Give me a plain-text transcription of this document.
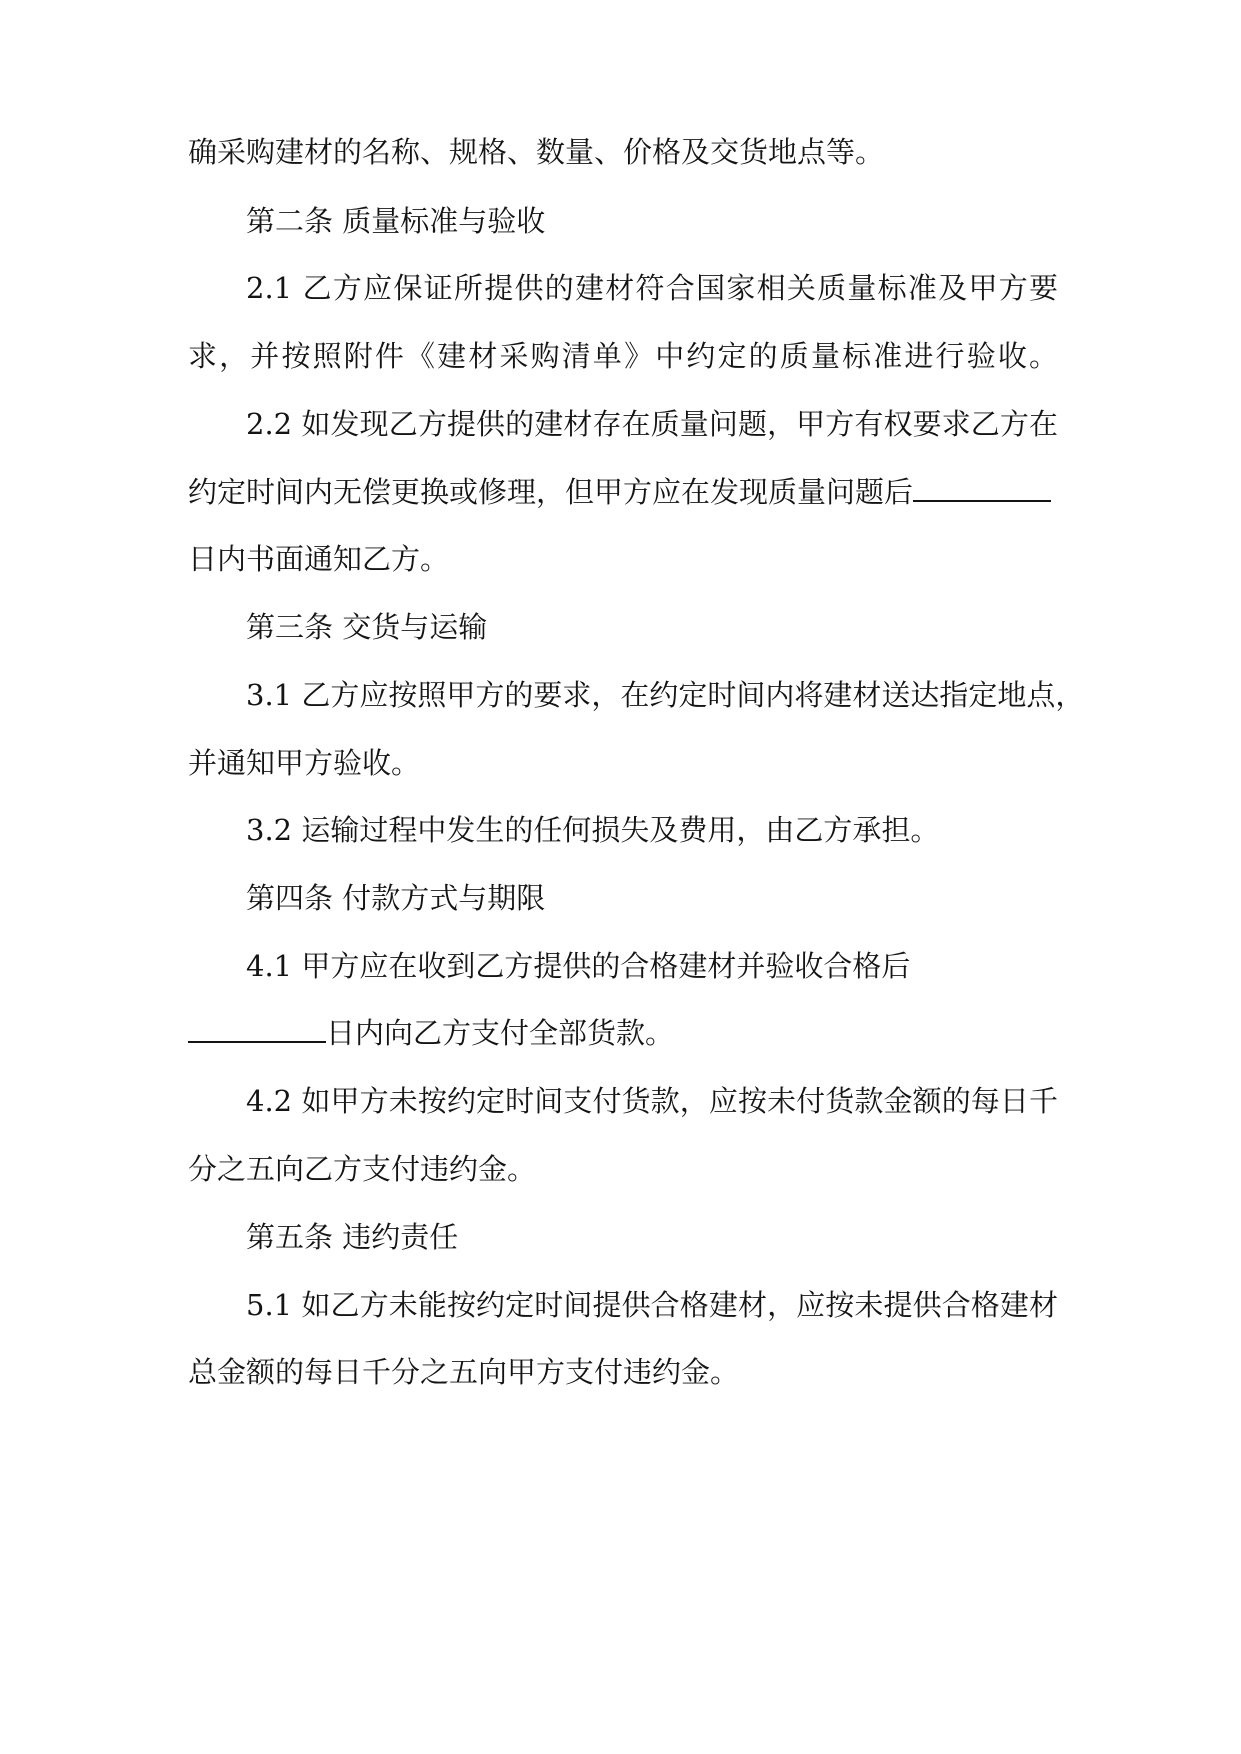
确采购建材的名称、规格、数量、价格及交货地点等。
第二条 质量标准与验收
2.1 乙方应保证所提供的建材符合国家相关质量标准及甲方要
求，并按照附件《建材采购清单》中约定的质量标准进行验收。
2.2 如发现乙方提供的建材存在质量问题，甲方有权要求乙方在
约定时间内无偿更换或修理，但甲方应在发现质量问题后
日内书面通知乙方。
第三条 交货与运输
3.1 乙方应按照甲方的要求，在约定时间内将建材送达指定地点，
并通知甲方验收。
3.2 运输过程中发生的任何损失及费用，由乙方承担。
第四条 付款方式与期限
4.1 甲方应在收到乙方提供的合格建材并验收合格后
日内向乙方支付全部货款。
4.2 如甲方未按约定时间支付货款，应按未付货款金额的每日千
分之五向乙方支付违约金。
第五条 违约责任
5.1 如乙方未能按约定时间提供合格建材，应按未提供合格建材
总金额的每日千分之五向甲方支付违约金。
